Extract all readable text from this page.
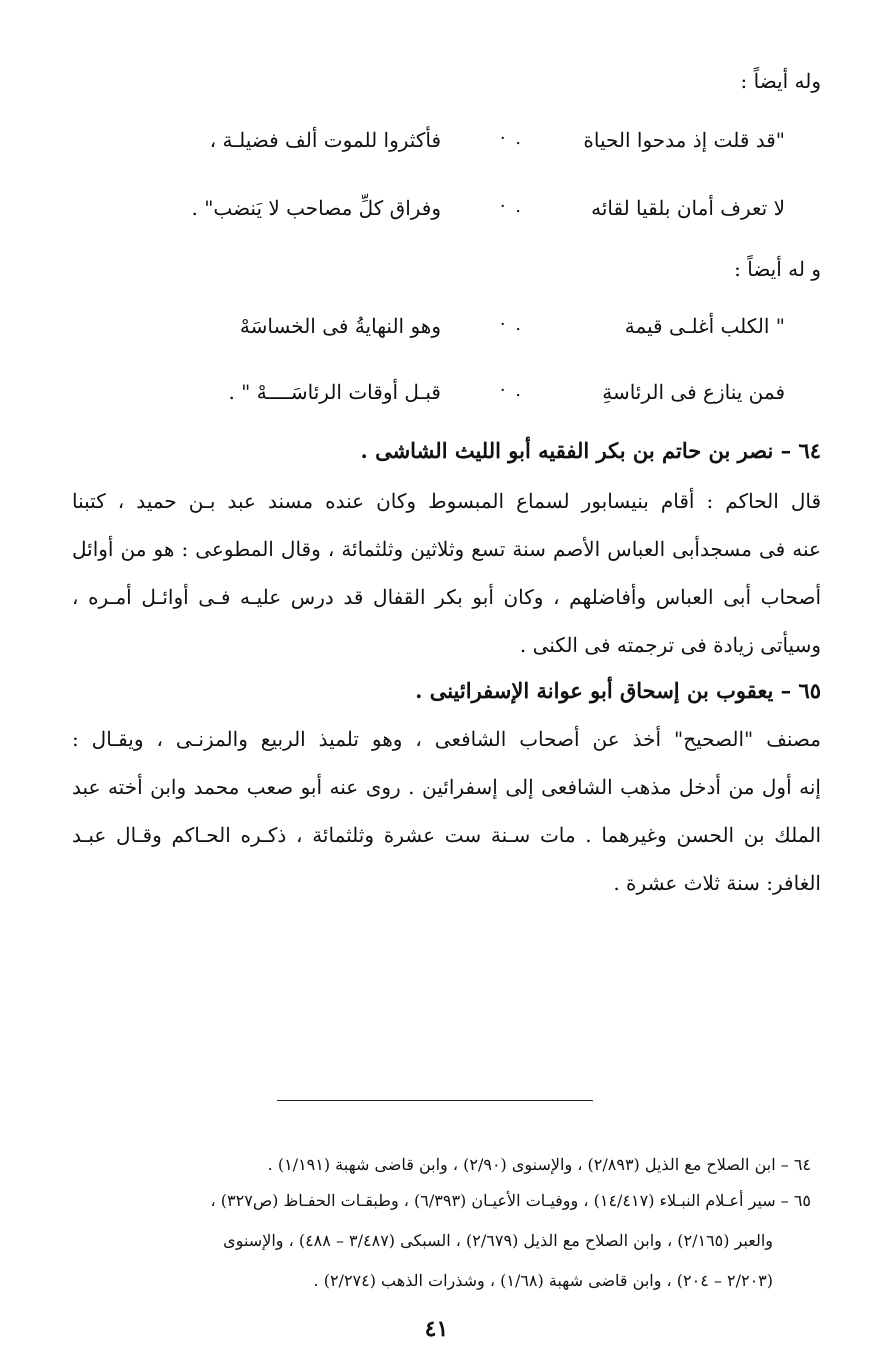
وله أيضاً :
"قد قلت إذ مدحوا الحياة
. ·
فأكثروا للموت ألف فضيلـة ،
لا تعرف أمان بلقيا لقائه
. ·
وفراق كلِّ مصاحب لا يَنضب" .
و له أيضاً :
" الكلب أغلـى قيمة
. ·
وهو النهايةُ فى الخساسَهْ
فمن ينازع فى الرئاسةِ
. ·
قبـل أوقات الرئاسَــــهْ " .
٦٤ – نصر بن حاتم بن بكر الفقيه أبو الليث الشاشى .
قال الحاكم : أقام بنيسابور لسماع المبسوط وكان عنده مسند عبد بـن حميد ، كتبنا
عنه فى مسجدأبى العباس الأصم سنة تسع وثلاثين وثلثمائة ، وقال المطوعى : هو من أوائل
أصحاب أبى العباس وأفاضلهم ، وكان أبو بكر القفال قد درس عليـه فـى أوائـل أمـره ،
وسيأتى زيادة فى ترجمته فى الكنى .
٦٥ – يعقوب بن إسحاق أبو عوانة الإسفرائينى .
مصنف "الصحيح" أخذ عن أصحاب الشافعى ، وهو تلميذ الربيع والمزنـى ، ويقـال :
إنه أول من أدخل مذهب الشافعى إلى إسفرائين . روى عنه أبو صعب محمد وابن أخته عبد
الملك بن الحسن وغيرهما . مات سـنة ست عشرة وثلثمائة ، ذكـره الحـاكم وقـال عبـد
الغافر: سنة ثلاث عشرة .
٦٤ – ابن الصلاح مع الذيل (٢/٨٩٣) ، والإسنوى (٢/٩٠) ، وابن قاضى شهبة (١/١٩١) .
٦٥ – سير أعـلام النبـلاء (١٤/٤١٧) ، ووفيـات الأعيـان (٦/٣٩٣) ، وطبقـات الحفـاظ (ص٣٢٧) ،
والعبر (٢/١٦٥) ، وابن الصلاح مع الذيل (٢/٦٧٩) ، السبكى (٣/٤٨٧ – ٤٨٨) ، والإسنوى
(٢/٢٠٣ – ٢٠٤) ، وابن قاضى شهبة (١/٦٨) ، وشذرات الذهب (٢/٢٧٤) .
٤١
